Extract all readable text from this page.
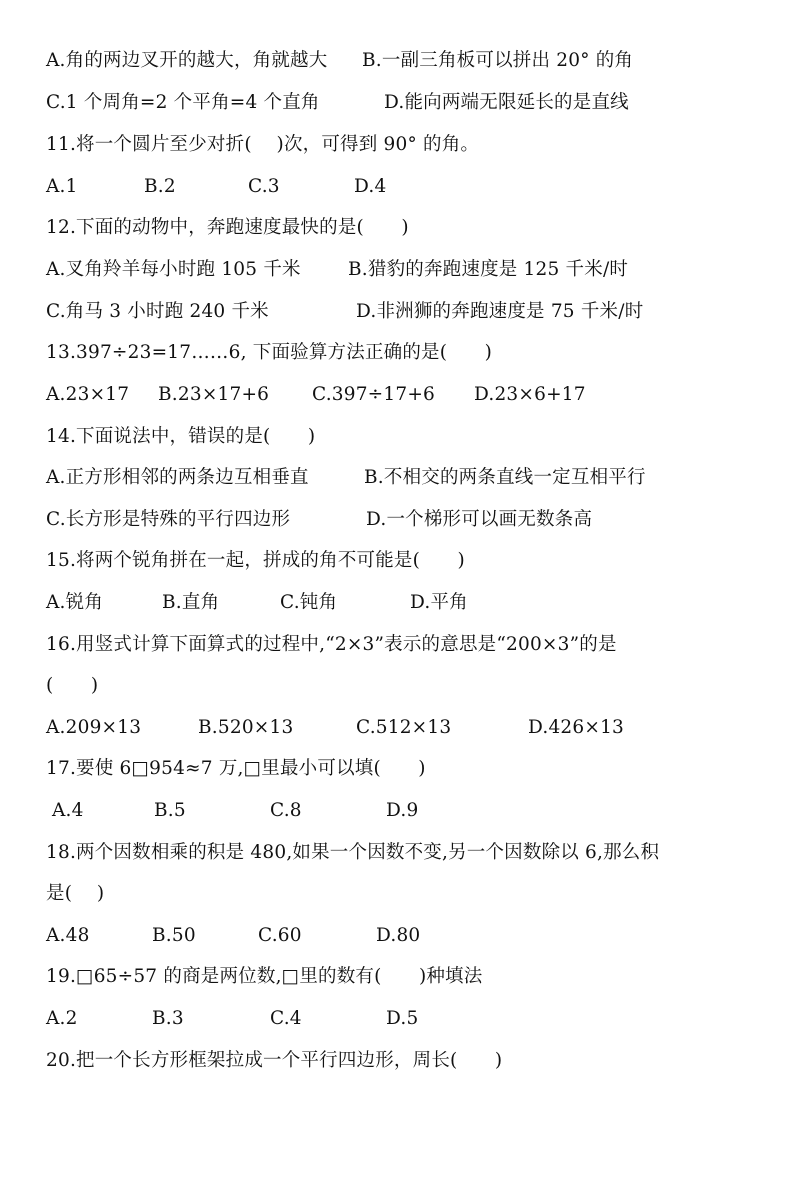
A.角的两边叉开的越大，角就越大

B.一副三角板可以拼出 20° 的角

C.1 个周角=2 个平角=4 个直角

	D.能向两端无限延长的是直线

11.将一个圆片至少对折(　 )次，可得到 90° 的角。

A.1

	B.2

	C.3

	D.4

12.下面的动物中，奔跑速度最快的是(　　)

A.叉角羚羊每小时跑 105 千米

	B.猎豹的奔跑速度是 125 千米/时

C.角马 3 小时跑 240 千米

	D.非洲狮的奔跑速度是 75 千米/时

13.397÷23=17……6, 下面验算方法正确的是(　　)

A.23×17

B.23×17+6

C.397÷17+6

D.23×6+17

14.下面说法中，错误的是(　　)

A.正方形相邻的两条边互相垂直

	B.不相交的两条直线一定互相平行

C.长方形是特殊的平行四边形

	D.一个梯形可以画无数条高

15.将两个锐角拼在一起，拼成的角不可能是(　　)

A.锐角

	B.直角

	C.钝角

	D.平角

16.用竖式计算下面算式的过程中,“2×3”表示的意思是“200×3”的是
(　　)

A.209×13

	B.520×13

	C.512×13

	D.426×13

17.要使 6□954≈7 万,□里最小可以填(　　)

A.4

	B.5

	C.8

	D.9

18.两个因数相乘的积是 480,如果一个因数不变,另一个因数除以 6,那么积
是(　 )

A.48

	B.50

	C.60

	D.80

19.□65÷57 的商是两位数,□里的数有(　　)种填法

A.2

	B.3

	C.4

	D.5

20.把一个长方形框架拉成一个平行四边形，周长(　　)
